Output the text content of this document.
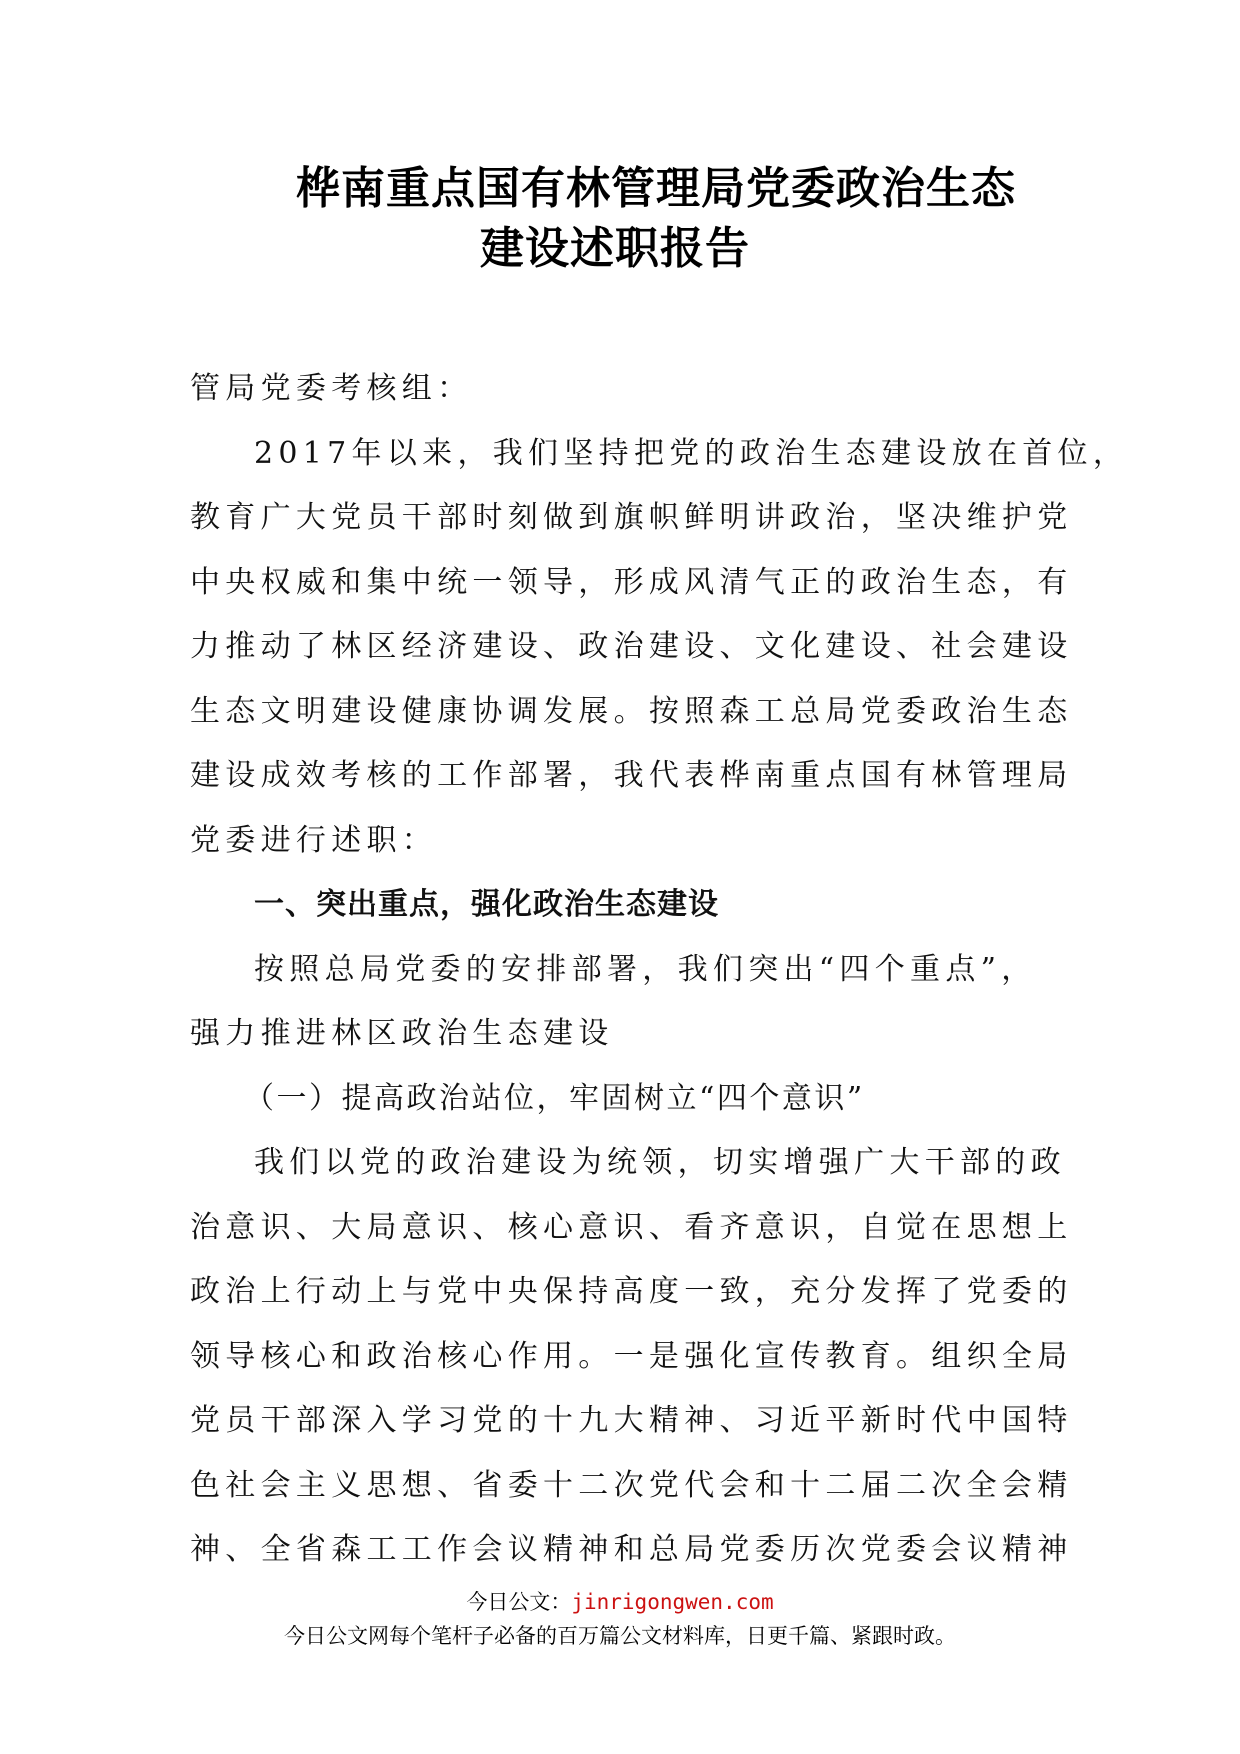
桦南重点国有林管理局党委政治生态
建设述职报告
管局党委考核组：
2017年以来，我们坚持把党的政治生态建设放在首位，
教育广大党员干部时刻做到旗帜鲜明讲政治，坚决维护党
中央权威和集中统一领导，形成风清气正的政治生态，有
力推动了林区经济建设、政治建设、文化建设、社会建设
生态文明建设健康协调发展。按照森工总局党委政治生态
建设成效考核的工作部署，我代表桦南重点国有林管理局
党委进行述职：
一、突出重点，强化政治生态建设
按照总局党委的安排部署，我们突出“四个重点”，
强力推进林区政治生态建设
（一）提高政治站位，牢固树立“四个意识”
我们以党的政治建设为统领，切实增强广大干部的政
治意识、大局意识、核心意识、看齐意识，自觉在思想上
政治上行动上与党中央保持高度一致，充分发挥了党委的
领导核心和政治核心作用。一是强化宣传教育。组织全局
党员干部深入学习党的十九大精神、习近平新时代中国特
色社会主义思想、省委十二次党代会和十二届二次全会精
神、全省森工工作会议精神和总局党委历次党委会议精神
今日公文：jinrigongwen.com
今日公文网每个笔杆子必备的百万篇公文材料库，日更千篇、紧跟时政。
